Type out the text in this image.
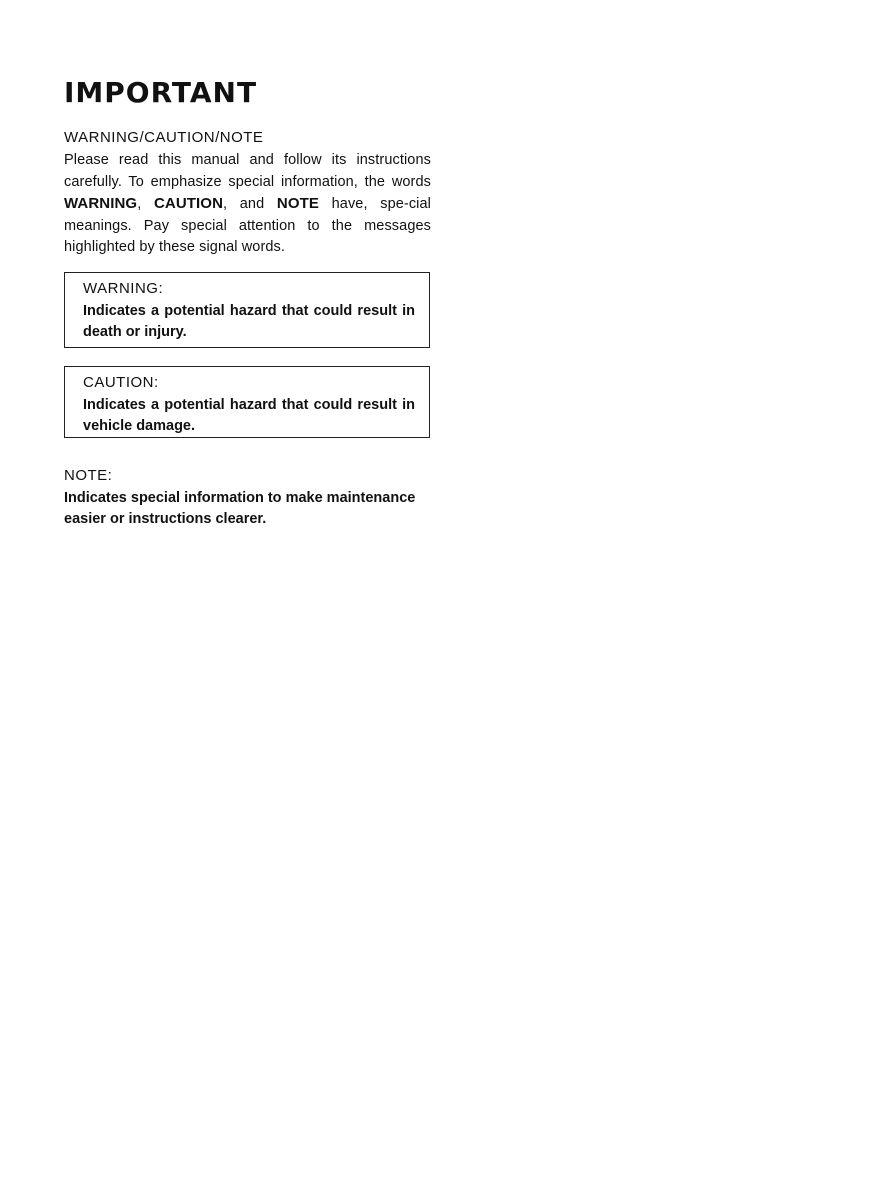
IMPORTANT
WARNING/CAUTION/NOTE

Please read this manual and follow its instructions carefully. To emphasize special information, the words WARNING, CAUTION, and NOTE have, spe-cial meanings. Pay special attention to the messages highlighted by these signal words.

WARNING:

Indicates a potential hazard that could result in death or injury.

CAUTION:

Indicates a potential hazard that could result in vehicle damage.

NOTE:

Indicates special information to make maintenance easier or instructions clearer.
